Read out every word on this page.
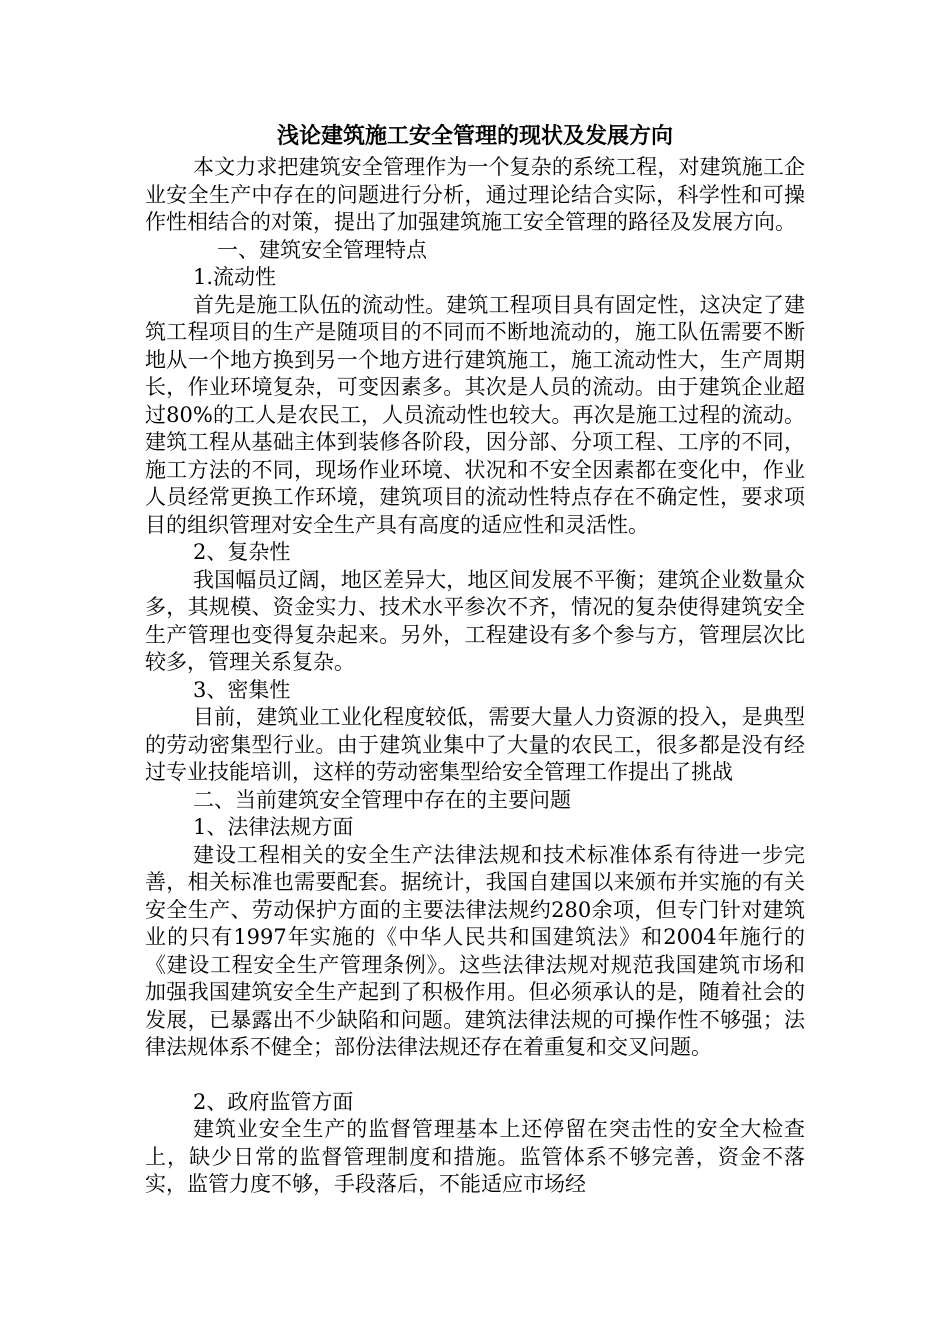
浅论建筑施工安全管理的现状及发展方向

本文力求把建筑安全管理作为一个复杂的系统工程，对建筑施工企业安全生产中存在的问题进行分析，通过理论结合实际，科学性和可操作性相结合的对策，提出了加强建筑施工安全管理的路径及发展方向。

一、建筑安全管理特点

1.流动性

首先是施工队伍的流动性。建筑工程项目具有固定性，这决定了建筑工程项目的生产是随项目的不同而不断地流动的，施工队伍需要不断地从一个地方换到另一个地方进行建筑施工，施工流动性大，生产周期长，作业环境复杂，可变因素多。其次是人员的流动。由于建筑企业超过80%的工人是农民工，人员流动性也较大。再次是施工过程的流动。建筑工程从基础主体到装修各阶段，因分部、分项工程、工序的不同，施工方法的不同，现场作业环境、状况和不安全因素都在变化中，作业人员经常更换工作环境，建筑项目的流动性特点存在不确定性，要求项目的组织管理对安全生产具有高度的适应性和灵活性。

2、复杂性

我国幅员辽阔，地区差异大，地区间发展不平衡；建筑企业数量众多，其规模、资金实力、技术水平参次不齐，情况的复杂使得建筑安全生产管理也变得复杂起来。另外，工程建设有多个参与方，管理层次比较多，管理关系复杂。

3、密集性

目前，建筑业工业化程度较低，需要大量人力资源的投入，是典型的劳动密集型行业。由于建筑业集中了大量的农民工，很多都是没有经过专业技能培训，这样的劳动密集型给安全管理工作提出了挑战

二、当前建筑安全管理中存在的主要问题

1、法律法规方面

建设工程相关的安全生产法律法规和技术标准体系有待进一步完善，相关标准也需要配套。据统计，我国自建国以来颁布并实施的有关安全生产、劳动保护方面的主要法律法规约280余项，但专门针对建筑业的只有1997年实施的《中华人民共和国建筑法》和2004年施行的《建设工程安全生产管理条例》。这些法律法规对规范我国建筑市场和加强我国建筑安全生产起到了积极作用。但必须承认的是，随着社会的发展，已暴露出不少缺陷和问题。建筑法律法规的可操作性不够强；法律法规体系不健全；部份法律法规还存在着重复和交叉问题。

2、政府监管方面

建筑业安全生产的监督管理基本上还停留在突击性的安全大检查上，缺少日常的监督管理制度和措施。监管体系不够完善，资金不落实，监管力度不够，手段落后，不能适应市场经
